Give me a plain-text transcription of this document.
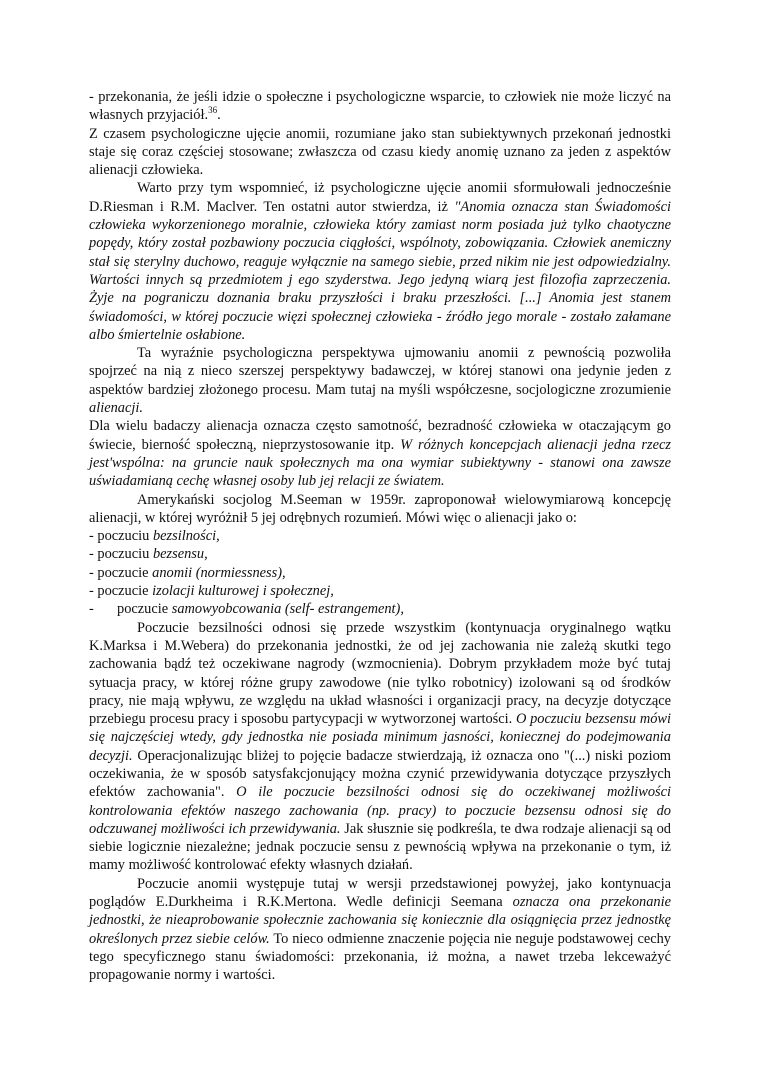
- przekonania, że jeśli idzie o społeczne i psychologiczne wsparcie, to człowiek nie może liczyć na własnych przyjaciół.$^{36}$.

Z czasem psychologiczne ujęcie anomii, rozumiane jako stan subiektywnych przekonań jednostki staje się coraz częściej stosowane; zwłaszcza od czasu kiedy anomię uznano za jeden z aspektów alienacji człowieka.

Warto przy tym wspomnieć, iż psychologiczne ujęcie anomii sformułowali jednocześnie D.Riesman i R.M. Maclver. Ten ostatni autor stwierdza, iż "Anomia oznacza stan Świadomości człowieka wykorzenionego moralnie, człowieka który zamiast norm posiada już tylko chaotyczne popędy, który został pozbawiony poczucia ciągłości, wspólnoty, zobowiązania. Człowiek anemiczny stał się sterylny duchowo, reaguje wyłącznie na samego siebie, przed nikim nie jest odpowiedzialny. Wartości innych są przedmiotem j ego szyderstwa. Jego jedyną wiarą jest filozofia zaprzeczenia. Żyje na pograniczu doznania braku przyszłości i braku przeszłości. [...] Anomia jest stanem świadomości, w której poczucie więzi społecznej człowieka - źródło jego morale - zostało załamane albo śmiertelnie osłabione.

Ta wyraźnie psychologiczna perspektywa ujmowaniu anomii z pewnością pozwoliła spojrzeć na nią z nieco szerszej perspektywy badawczej, w której stanowi ona jedynie jeden z aspektów bardziej złożonego procesu. Mam tutaj na myśli współczesne, socjologiczne zrozumienie alienacji.

Dla wielu badaczy alienacja oznacza często samotność, bezradność człowieka w otaczającym go świecie, bierność społeczną, nieprzystosowanie itp. W różnych koncepcjach alienacji jedna rzecz jest'wspólna: na gruncie nauk społecznych ma ona wymiar subiektywny - stanowi ona zawsze uświadamianą cechę własnej osoby lub jej relacji ze światem.

Amerykański socjolog M.Seeman w 1959r. zaproponował wielowymiarową koncepcję alienacji, w której wyróżnił 5 jej odrębnych rozumień. Mówi więc o alienacji jako o:

- poczuciu bezsilności,

- poczuciu bezsensu,

- poczucie anomii (normiessness),

- poczucie izolacji kulturowej i społecznej,

- poczucie samowyobcowania (self- estrangement),

Poczucie bezsilności odnosi się przede wszystkim (kontynuacja oryginalnego wątku K.Marksa i M.Webera) do przekonania jednostki, że od jej zachowania nie zależą skutki tego zachowania bądź też oczekiwane nagrody (wzmocnienia). Dobrym przykładem może być tutaj sytuacja pracy, w której różne grupy zawodowe (nie tylko robotnicy) izolowani są od środków pracy, nie mają wpływu, ze względu na układ własności i organizacji pracy, na decyzje dotyczące przebiegu procesu pracy i sposobu partycypacji w wytworzonej wartości. O poczuciu bezsensu mówi się najczęściej wtedy, gdy jednostka nie posiada minimum jasności, koniecznej do podejmowania decyzji. Operacjonalizując bliżej to pojęcie badacze stwierdzają, iż oznacza ono "(...) niski poziom oczekiwania, że w sposób satysfakcjonujący można czynić przewidywania dotyczące przyszłych efektów zachowania". O ile poczucie bezsilności odnosi się do oczekiwanej możliwości kontrolowania efektów naszego zachowania (np. pracy) to poczucie bezsensu odnosi się do odczuwanej możliwości ich przewidywania. Jak słusznie się podkreśla, te dwa rodzaje alienacji są od siebie logicznie niezależne; jednak poczucie sensu z pewnością wpływa na przekonanie o tym, iż mamy możliwość kontrolować efekty własnych działań.

Poczucie anomii występuje tutaj w wersji przedstawionej powyżej, jako kontynuacja poglądów E.Durkheima i R.K.Mertona. Wedle definicji Seemana oznacza ona przekonanie jednostki, że nieaprobowanie społecznie zachowania się koniecznie dla osiągnięcia przez jednostkę określonych przez siebie celów. To nieco odmienne znaczenie pojęcia nie neguje podstawowej cechy tego specyficznego stanu świadomości: przekonania, iż można, a nawet trzeba lekceważyć propagowanie normy i wartości.
